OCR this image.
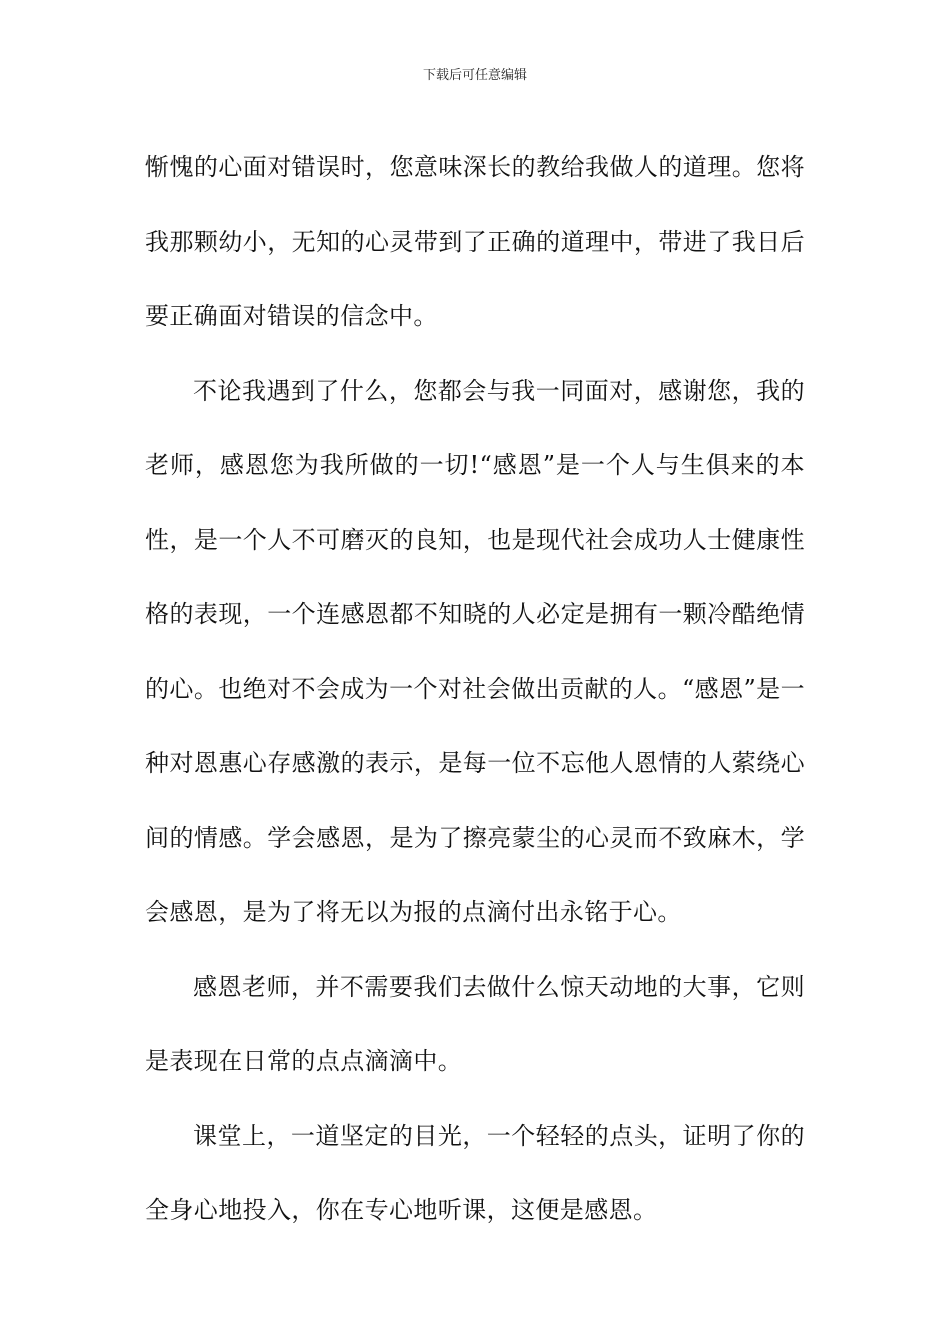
下载后可任意编辑

惭愧的心面对错误时，您意味深长的教给我做人的道理。您将我那颗幼小，无知的心灵带到了正确的道理中，带进了我日后要正确面对错误的信念中。

不论我遇到了什么，您都会与我一同面对，感谢您，我的老师，感恩您为我所做的一切!“感恩”是一个人与生俱来的本性，是一个人不可磨灭的良知，也是现代社会成功人士健康性格的表现，一个连感恩都不知晓的人必定是拥有一颗冷酷绝情的心。也绝对不会成为一个对社会做出贡献的人。“感恩”是一种对恩惠心存感激的表示，是每一位不忘他人恩情的人萦绕心间的情感。学会感恩，是为了擦亮蒙尘的心灵而不致麻木，学会感恩，是为了将无以为报的点滴付出永铭于心。

感恩老师，并不需要我们去做什么惊天动地的大事，它则是表现在日常的点点滴滴中。

课堂上，一道坚定的目光，一个轻轻的点头，证明了你的全身心地投入，你在专心地听课，这便是感恩。
